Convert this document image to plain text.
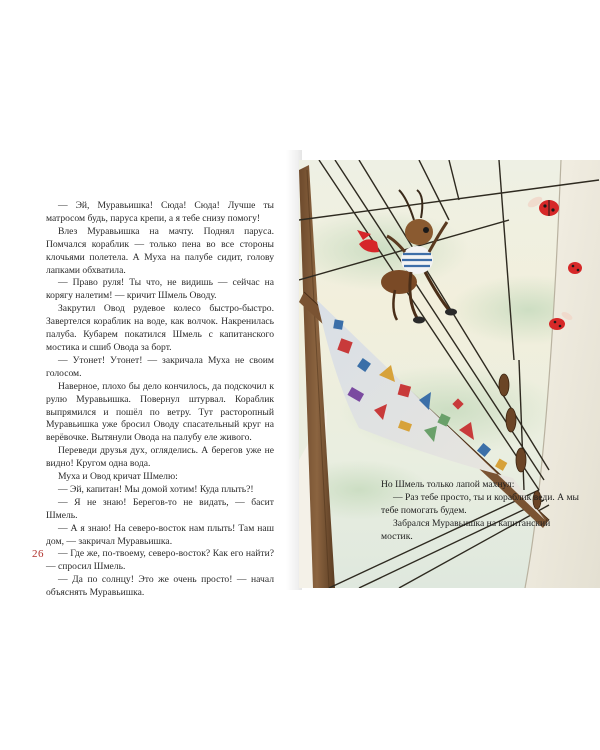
— Эй, Муравьишка! Сюда! Сюда! Лучше ты матросом будь, паруса крепи, а я тебе снизу помогу!

Влез Муравьишка на мачту. Поднял паруса. Помчался кораблик — только пена во все стороны клочьями полетела. А Муха на палубе сидит, голову лапками обхватила.

— Право руля! Ты что, не видишь — сейчас на корягу налетим! — кричит Шмель Оводу.

Закрутил Овод рудевое колесо быстро-быстро. Завертелся кораблик на воде, как волчок. Накренилась палуба. Кубарем покатился Шмель с капитанского мостика и сшиб Овода за борт.

— Утонет! Утонет! — закричала Муха не своим голосом.

Наверное, плохо бы дело кончилось, да подскочил к рулю Муравьишка. Повернул штурвал. Кораблик выпрямился и пошёл по ветру. Тут расторопный Муравьишка уже бросил Оводу спасательный круг на верёвочке. Вытянули Овода на палубу еле живого.

Переведи друзья дух, огляделись. А берегов уже не видно! Кругом одна вода.

Муха и Овод кричат Шмелю:

— Эй, капитан! Мы домой хотим! Куда плыть?!

— Я не знаю! Берегов-то не видать, — басит Шмель.

— А я знаю! На северо-восток нам плыть! Там наш дом, — закричал Муравьишка.

— Где же, по-твоему, северо-восток? Как его найти? — спросил Шмель.

— Да по солнцу! Это же очень просто! — начал объяснять Муравьишка.

26

Но Шмель только лапой махнул:

— Раз тебе просто, ты и кораблик веди. А мы тебе помогать будем.

Забрался Муравьишка на капитанский мостик.
